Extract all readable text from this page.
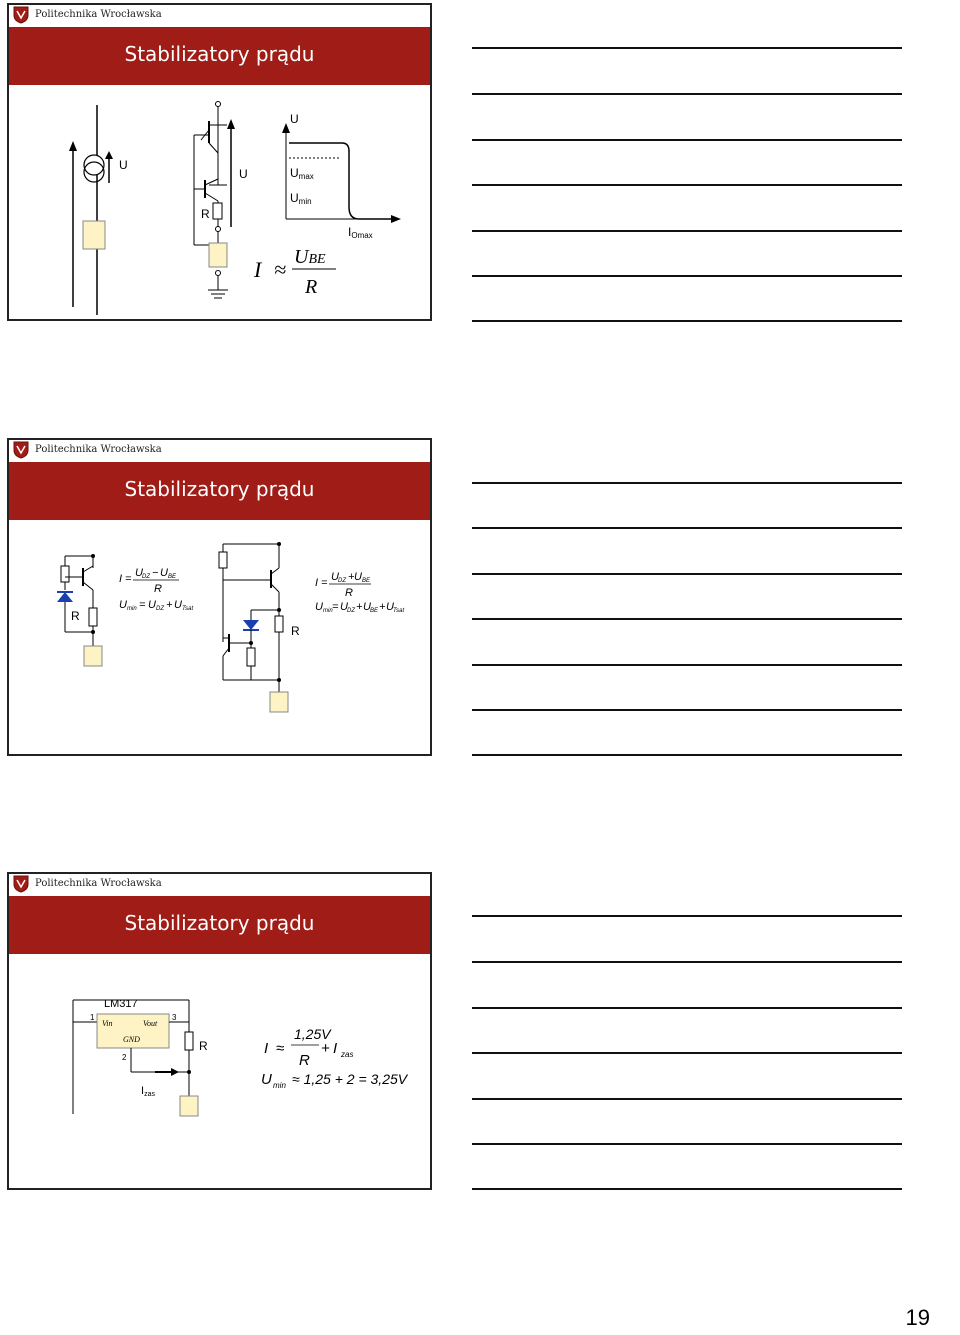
Politechnika Wrocławska
Stabilizatory prądu
U
R
U
U
Umax
Umin
IOmax
I ≈ UBE
R
Politechnika Wrocławska
Stabilizatory prądu
R
I = U DZ − U BE
R
U min = U DZ + U Tsat
R
I = U DZ + U BE
R
U min = U DZ + U BE + U Tsat
Politechnika Wrocławska
Stabilizatory prądu
LM317
1	3
Vin	Vout
GND
2
R
Izas
I ≈
1,25V
+ I zas
R
U min ≈ 1,25 + 2 = 3,25V
19
